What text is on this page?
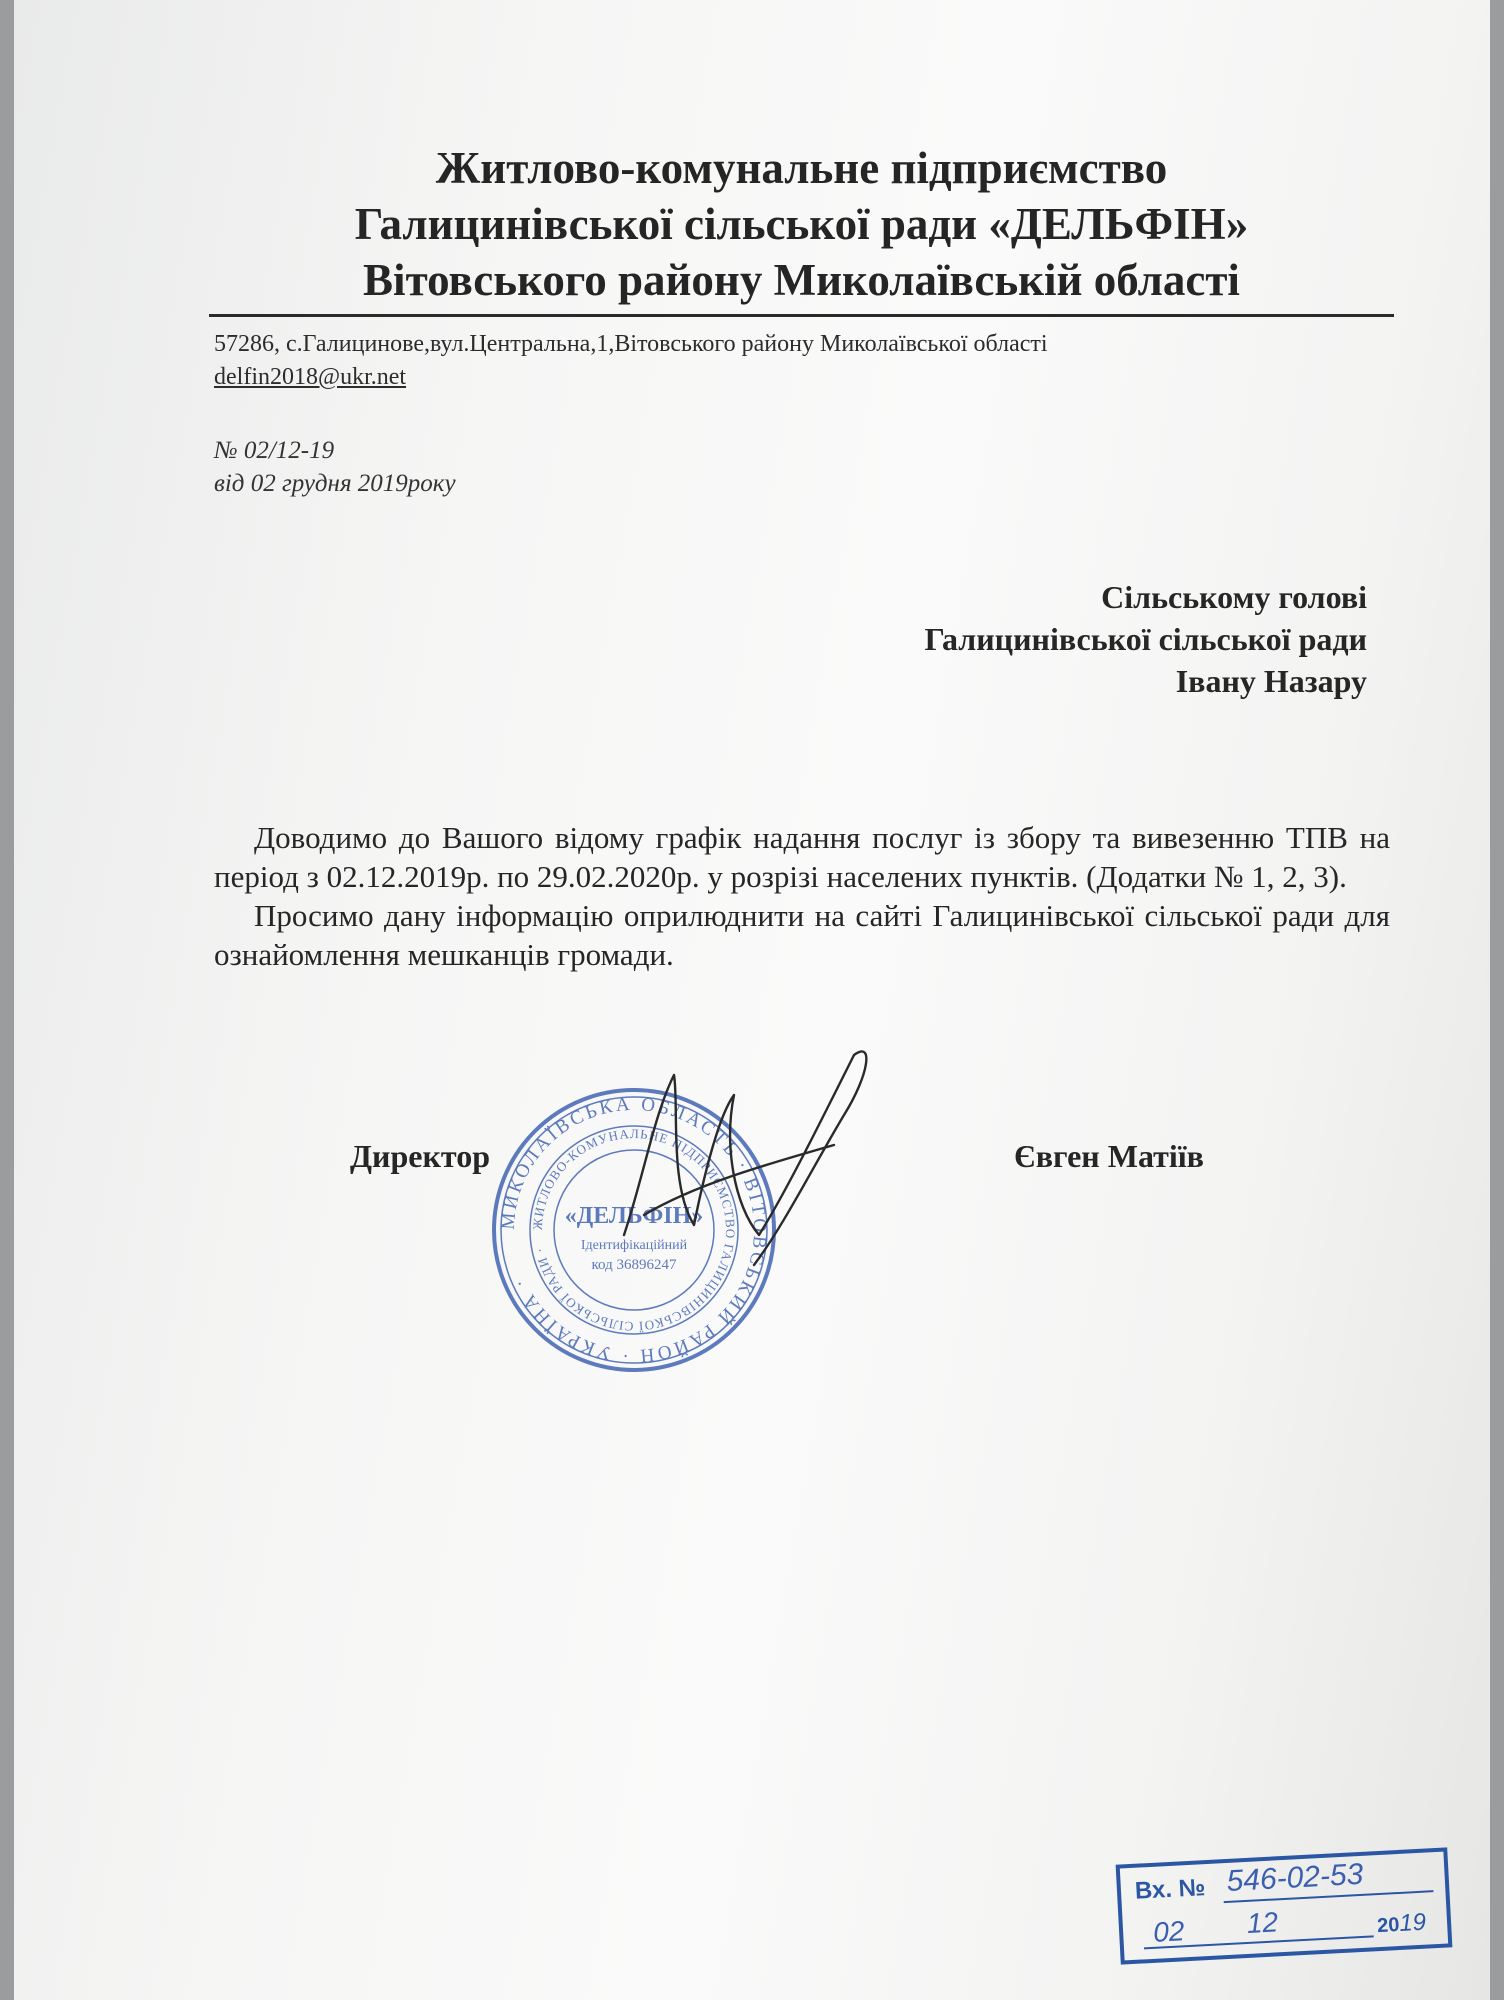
Житлово-комунальне підприємство
Галицинівської сільської ради «ДЕЛЬФІН»
Вітовського району Миколаївській області
57286, с.Галицинове,вул.Центральна,1,Вітовського району Миколаївської області
delfin2018@ukr.net
№ 02/12-19
від 02 грудня 2019року
Сільському голові
Галицинівської сільської ради
Івану Назару

Доводимо до Вашого відому графік надання послуг із збору та вивезенню ТПВ на період з 02.12.2019р. по 29.02.2020р. у розрізі населених пунктів. (Додатки № 1, 2, 3).

Просимо дану інформацію оприлюднити на сайті Галицинівської сільської ради для ознайомлення мешканців громади.

Директор	Євген Матіїв
МИКОЛАЇВСЬКА ОБЛАСТЬ · ВІТОВСЬКИЙ РАЙОН · УКРАЇНА ·
ЖИТЛОВО-КОМУНАЛЬНЕ ПІДПРИЄМСТВО ГАЛИЦИНІВСЬКОЇ СІЛЬСЬКОЇ РАДИ ·
«ДЕЛЬФІН»
Ідентифікаційний
код 36896247
Вх. № 546-02-53
02 12	2019
